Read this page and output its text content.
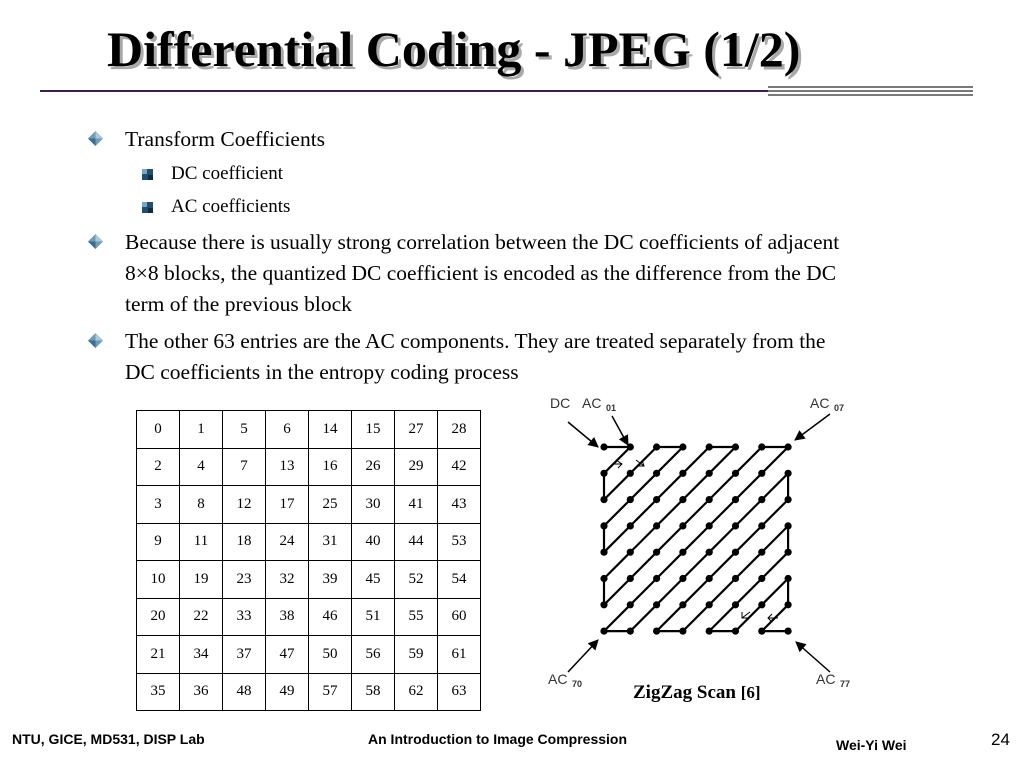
Differential Coding - JPEG (1/2)
Transform Coefficients
DC coefficient
AC coefficients
Because there is usually strong correlation between the DC coefficients of adjacent
8×8 blocks, the quantized DC coefficient is encoded as the difference from the DC
term of the previous block
The other 63 entries are the AC components. They are treated separately from the
DC coefficients in the entropy coding process
0	1	5	6	14	15	27	28
2	4	7	13	16	26	29	42
3	8	12	17	25	30	41	43
9	11	18	24	31	40	44	53
10	19	23	32	39	45	52	54
20	22	33	38	46	51	55	60
21	34	37	47	50	56	59	61
35	36	48	49	57	58	62	63
DC AC 01	AC 07
AC 70	AC 77
ZigZag Scan [6]
NTU, GICE, MD531, DISP Lab	An Introduction to Image Compression	Wei-Yi Wei	24
